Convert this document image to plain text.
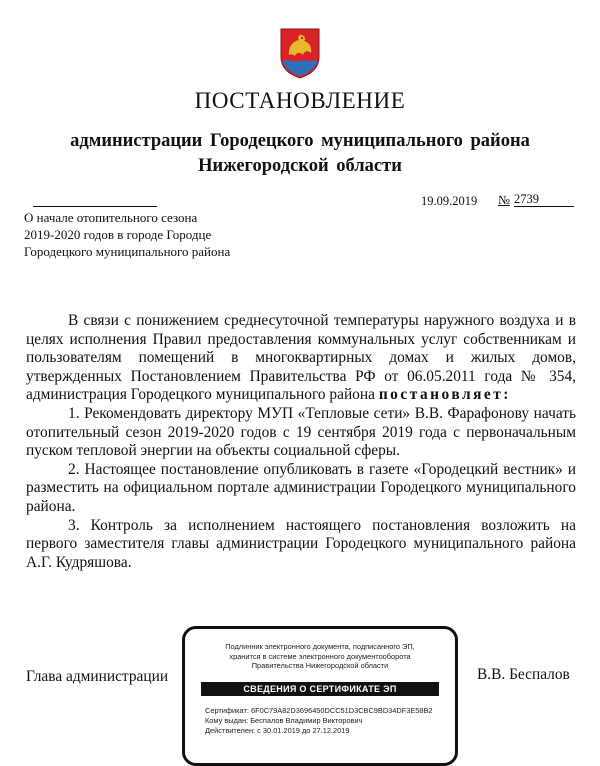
ПОСТАНОВЛЕНИЕ
администрации Городецкого муниципального района
Нижегородской области
19.09.2019 № 2739
О начале отопительного сезона
2019-2020 годов в городе Городце
Городецкого муниципального района

В связи с понижением среднесуточной температуры наружного воздуха и в целях исполнения Правил предоставления коммунальных услуг собственникам и пользователям помещений в многоквартирных домах и жилых домов, утвержденных Постановлением Правительства РФ от 06.05.2011 года № 354, администрация Городецкого муниципального района постановляет:

1. Рекомендовать директору МУП «Тепловые сети» В.В. Фарафонову начать отопительный сезон 2019-2020 годов с 19 сентября 2019 года с первоначальным пуском тепловой энергии на объекты социальной сферы.

2. Настоящее постановление опубликовать в газете «Городецкий вестник» и разместить на официальном портале администрации Городецкого муниципального района.

3. Контроль за исполнением настоящего постановления возложить на первого заместителя главы администрации Городецкого муниципального района А.Г. Кудряшова.

Глава администрации	В.В. Беспалов
Подлинник электронного документа, подписанного ЭП,
хранится в системе электронного документооборота
Правительства Нижегородской области
СВЕДЕНИЯ О СЕРТИФИКАТЕ ЭП
Сертификат: 6F0C79A82D3696450DCC51D3CBC9BD34DF3E58B2
Кому выдан: Беспалов Владимир Викторович
Действителен: с 30.01.2019 до 27.12.2019
